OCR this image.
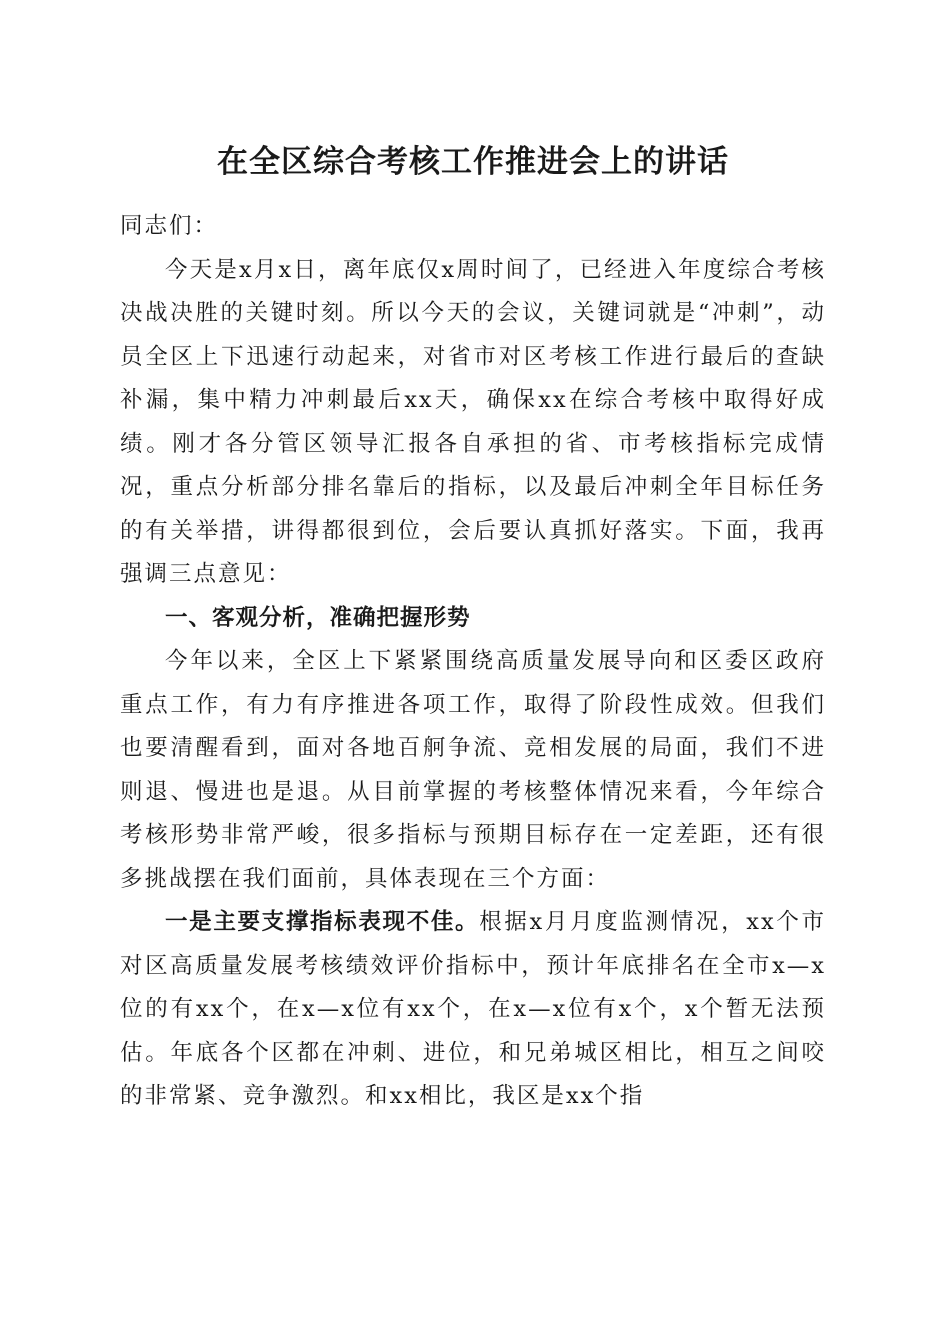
在全区综合考核工作推进会上的讲话

同志们：

今天是x月x日，离年底仅x周时间了，已经进入年度综合考核决战决胜的关键时刻。所以今天的会议，关键词就是“冲刺”，动员全区上下迅速行动起来，对省市对区考核工作进行最后的查缺补漏，集中精力冲刺最后xx天，确保xx在综合考核中取得好成绩。刚才各分管区领导汇报各自承担的省、市考核指标完成情况，重点分析部分排名靠后的指标，以及最后冲刺全年目标任务的有关举措，讲得都很到位，会后要认真抓好落实。下面，我再强调三点意见：

一、客观分析，准确把握形势

今年以来，全区上下紧紧围绕高质量发展导向和区委区政府重点工作，有力有序推进各项工作，取得了阶段性成效。但我们也要清醒看到，面对各地百舸争流、竞相发展的局面，我们不进则退、慢进也是退。从目前掌握的考核整体情况来看，今年综合考核形势非常严峻，很多指标与预期目标存在一定差距，还有很多挑战摆在我们面前，具体表现在三个方面：

一是主要支撑指标表现不佳。根据x月月度监测情况，xx个市对区高质量发展考核绩效评价指标中，预计年底排名在全市x—x位的有xx个，在x—x位有xx个，在x—x位有x个，x个暂无法预估。年底各个区都在冲刺、进位，和兄弟城区相比，相互之间咬的非常紧、竞争激烈。和xx相比，我区是xx个指
